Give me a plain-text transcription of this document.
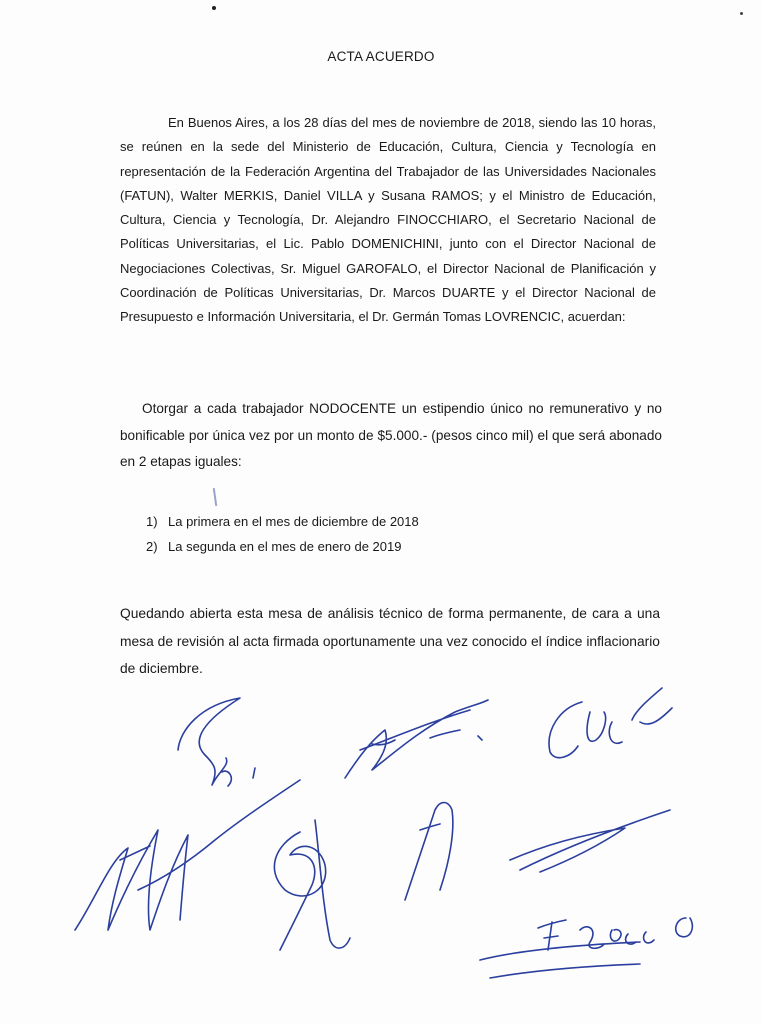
ACTA ACUERDO
En Buenos Aires, a los 28 días del mes de noviembre de 2018, siendo las 10 horas, se reúnen en la sede del Ministerio de Educación, Cultura, Ciencia y Tecnología en representación de la Federación Argentina del Trabajador de las Universidades Nacionales (FATUN), Walter MERKIS, Daniel VILLA y Susana RAMOS; y el Ministro de Educación, Cultura, Ciencia y Tecnología, Dr. Alejandro FINOCCHIARO, el Secretario Nacional de Políticas Universitarias, el Lic. Pablo DOMENICHINI, junto con el Director Nacional de Negociaciones Colectivas, Sr. Miguel GAROFALO, el Director Nacional de Planificación y Coordinación de Políticas Universitarias, Dr. Marcos DUARTE y el Director Nacional de Presupuesto e Información Universitaria, el Dr. Germán Tomas LOVRENCIC, acuerdan:
Otorgar a cada trabajador NODOCENTE un estipendio único no remunerativo y no bonificable por única vez por un monto de $5.000.- (pesos cinco mil) el que será abonado en 2 etapas iguales:
1) La primera en el mes de diciembre de 2018
2) La segunda en el mes de enero de 2019
Quedando abierta esta mesa de análisis técnico de forma permanente, de cara a una mesa de revisión al acta firmada oportunamente una vez conocido el índice inflacionario de diciembre.
